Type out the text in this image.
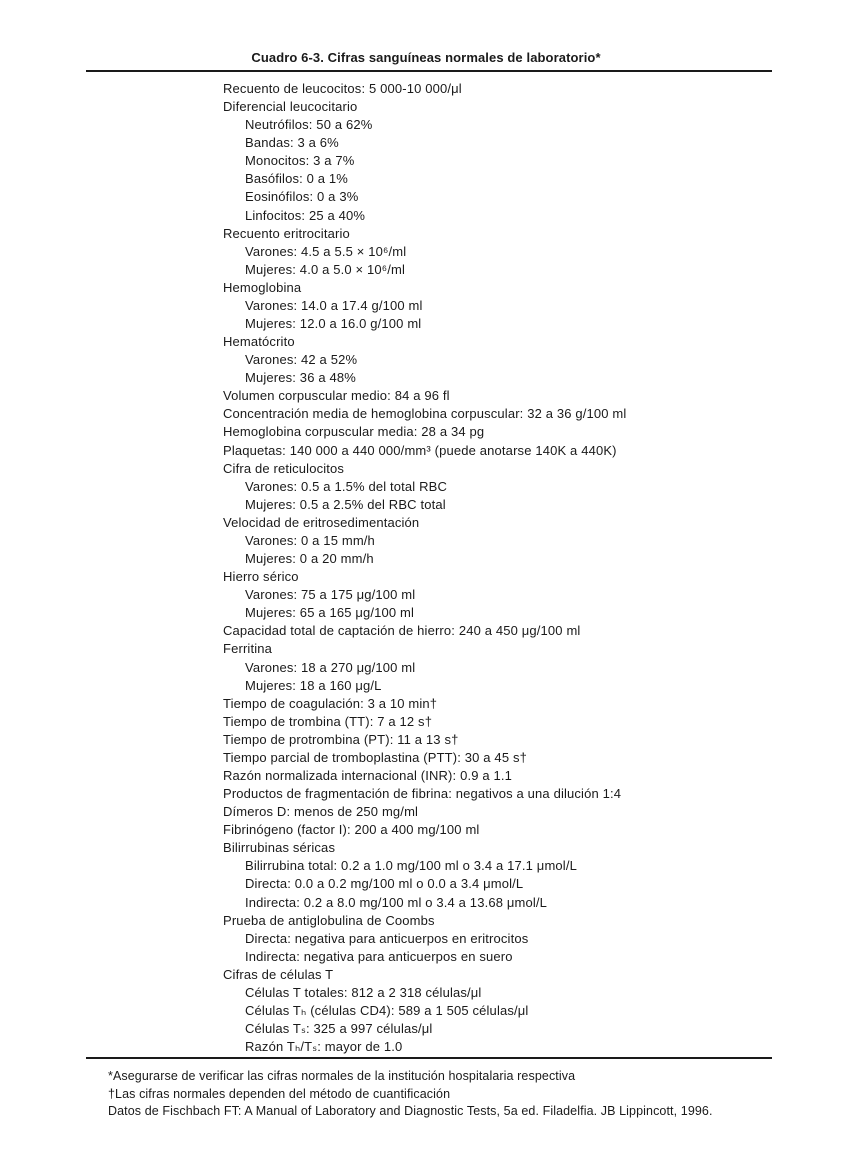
Cuadro 6-3. Cifras sanguíneas normales de laboratorio*
Recuento de leucocitos: 5 000-10 000/μl
Diferencial leucocitario
Neutrófilos: 50 a 62%
Bandas: 3 a 6%
Monocitos: 3 a 7%
Basófilos: 0 a 1%
Eosinófilos: 0 a 3%
Linfocitos: 25 a 40%
Recuento eritrocitario
Varones: 4.5 a 5.5 × 10⁶/ml
Mujeres: 4.0 a 5.0 × 10⁶/ml
Hemoglobina
Varones: 14.0 a 17.4 g/100 ml
Mujeres: 12.0 a 16.0 g/100 ml
Hematócrito
Varones: 42 a 52%
Mujeres: 36 a 48%
Volumen corpuscular medio: 84 a 96 fl
Concentración media de hemoglobina corpuscular: 32 a 36 g/100 ml
Hemoglobina corpuscular media: 28 a 34 pg
Plaquetas: 140 000 a 440 000/mm³ (puede anotarse 140K a 440K)
Cifra de reticulocitos
Varones: 0.5 a 1.5% del total RBC
Mujeres: 0.5 a 2.5% del RBC total
Velocidad de eritrosedimentación
Varones: 0 a 15 mm/h
Mujeres: 0 a 20 mm/h
Hierro sérico
Varones: 75 a 175 μg/100 ml
Mujeres: 65 a 165 μg/100 ml
Capacidad total de captación de hierro: 240 a 450 μg/100 ml
Ferritina
Varones: 18 a 270 μg/100 ml
Mujeres: 18 a 160 μg/L
Tiempo de coagulación: 3 a 10 min†
Tiempo de trombina (TT): 7 a 12 s†
Tiempo de protrombina (PT): 11 a 13 s†
Tiempo parcial de tromboplastina (PTT): 30 a 45 s†
Razón normalizada internacional (INR): 0.9 a 1.1
Productos de fragmentación de fibrina: negativos a una dilución 1:4
Dímeros D: menos de 250 mg/ml
Fibrinógeno (factor I): 200 a 400 mg/100 ml
Bilirrubinas séricas
Bilirrubina total: 0.2 a 1.0 mg/100 ml o 3.4 a 17.1 μmol/L
Directa: 0.0 a 0.2 mg/100 ml o 0.0 a 3.4 μmol/L
Indirecta: 0.2 a 8.0 mg/100 ml o 3.4 a 13.68 μmol/L
Prueba de antiglobulina de Coombs
Directa: negativa para anticuerpos en eritrocitos
Indirecta: negativa para anticuerpos en suero
Cifras de células T
Células T totales: 812 a 2 318 células/μl
Células Tₕ (células CD4): 589 a 1 505 células/μl
Células Tₛ: 325 a 997 células/μl
Razón Tₕ/Tₛ: mayor de 1.0
*Asegurarse de verificar las cifras normales de la institución hospitalaria respectiva
†Las cifras normales dependen del método de cuantificación
Datos de Fischbach FT: A Manual of Laboratory and Diagnostic Tests, 5a ed. Filadelfia. JB Lippincott, 1996.
